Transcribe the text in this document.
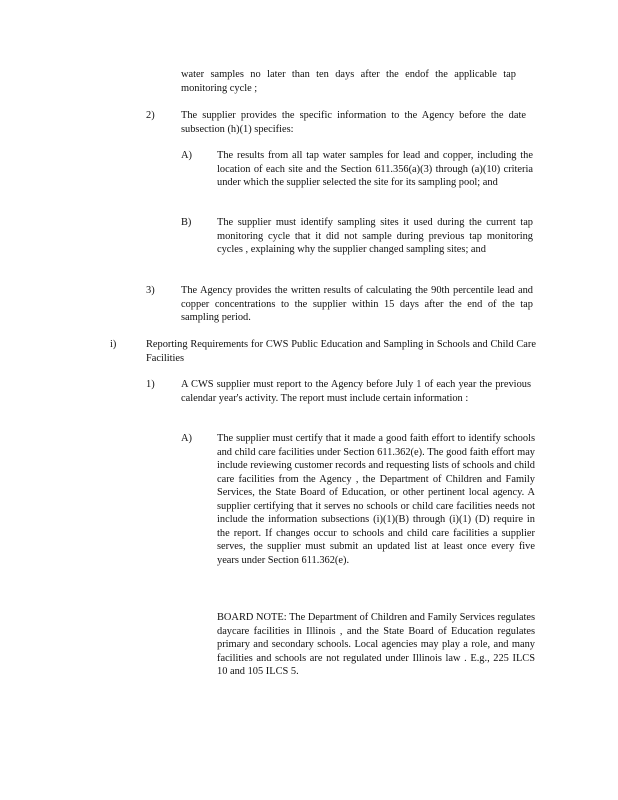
water samples no later than ten days after the endof the applicable tap monitoring cycle ;

2)	The supplier provides the specific information to the Agency before the date subsection (h)(1) specifies:

A) The results from all tap water samples for lead and copper, including the location of each site and the Section 611.356(a)(3) through (a)(10) criteria under which the supplier selected the site for its sampling pool; and

B) The supplier must identify sampling sites it used during the current tap monitoring cycle that it did not sample during previous tap monitoring cycles , explaining why the supplier changed sampling sites; and

3)	The Agency provides the written results of calculating the 90th percentile lead and copper concentrations to the supplier within 15 days after the end of the tap sampling period.

i)	Reporting Requirements for CWS Public Education and Sampling in Schools and Child Care Facilities

1)	A CWS supplier must report to the Agency before July 1 of each year the previous calendar year's activity. The report must include certain information :

A) The supplier must certify that it made a good faith effort to identify schools and child care facilities under Section 611.362(e). The good faith effort may include reviewing customer records and requesting lists of schools and child care facilities from the Agency , the Department of Children and Family Services, the State Board of Education, or other pertinent local agency. A supplier certifying that it serves no schools or child care facilities needs not include the information subsections (i)(1)(B) through (i)(1) (D) require in the report. If changes occur to schools and child care facilities a supplier serves, the supplier must submit an updated list at least once every five years under Section 611.362(e).

BOARD NOTE: The Department of Children and Family Services regulates daycare facilities in Illinois , and the State Board of Education regulates primary and secondary schools. Local agencies may play a role, and many facilities and schools are not regulated under Illinois law . E.g., 225 ILCS 10 and 105 ILCS 5.
